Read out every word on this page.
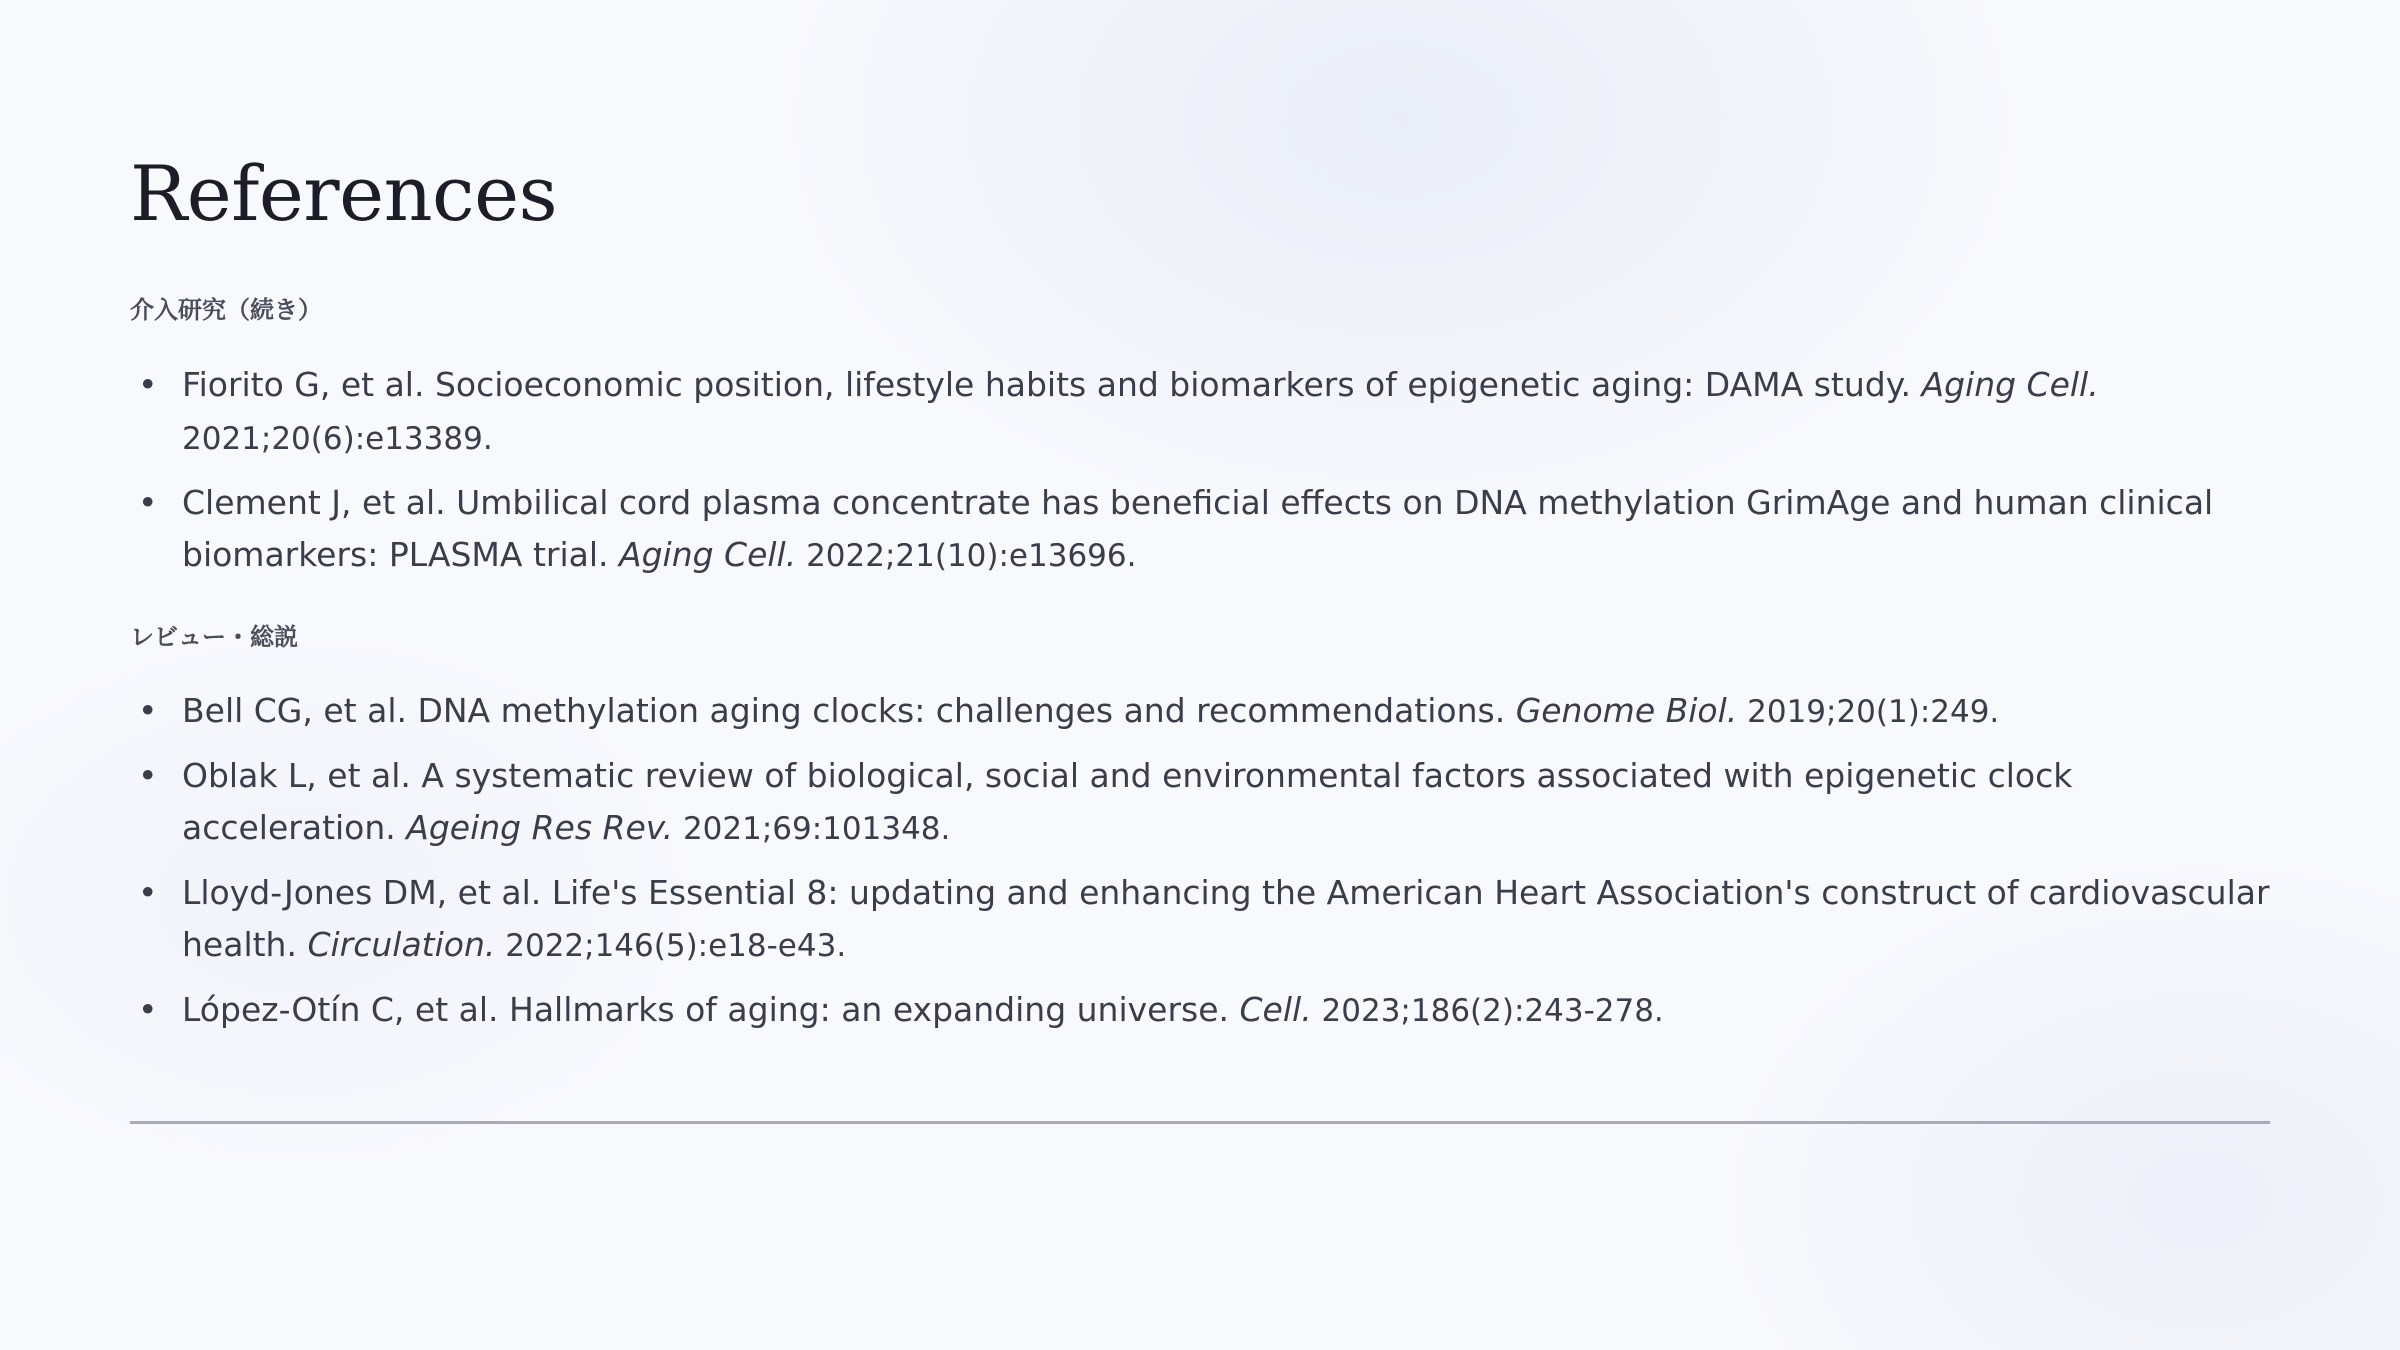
References
介入研究（続き）
• Fiorito G, et al. Socioeconomic position, lifestyle habits and biomarkers of epigenetic aging: DAMA study. Aging Cell. 2021;20(6):e13389.
• Clement J, et al. Umbilical cord plasma concentrate has beneficial effects on DNA methylation GrimAge and human clinical biomarkers: PLASMA trial. Aging Cell. 2022;21(10):e13696.
レビュー・総説
• Bell CG, et al. DNA methylation aging clocks: challenges and recommendations. Genome Biol. 2019;20(1):249.
• Oblak L, et al. A systematic review of biological, social and environmental factors associated with epigenetic clock acceleration. Ageing Res Rev. 2021;69:101348.
• Lloyd-Jones DM, et al. Life's Essential 8: updating and enhancing the American Heart Association's construct of cardiovascular health. Circulation. 2022;146(5):e18-e43.
• López-Otín C, et al. Hallmarks of aging: an expanding universe. Cell. 2023;186(2):243-278.
